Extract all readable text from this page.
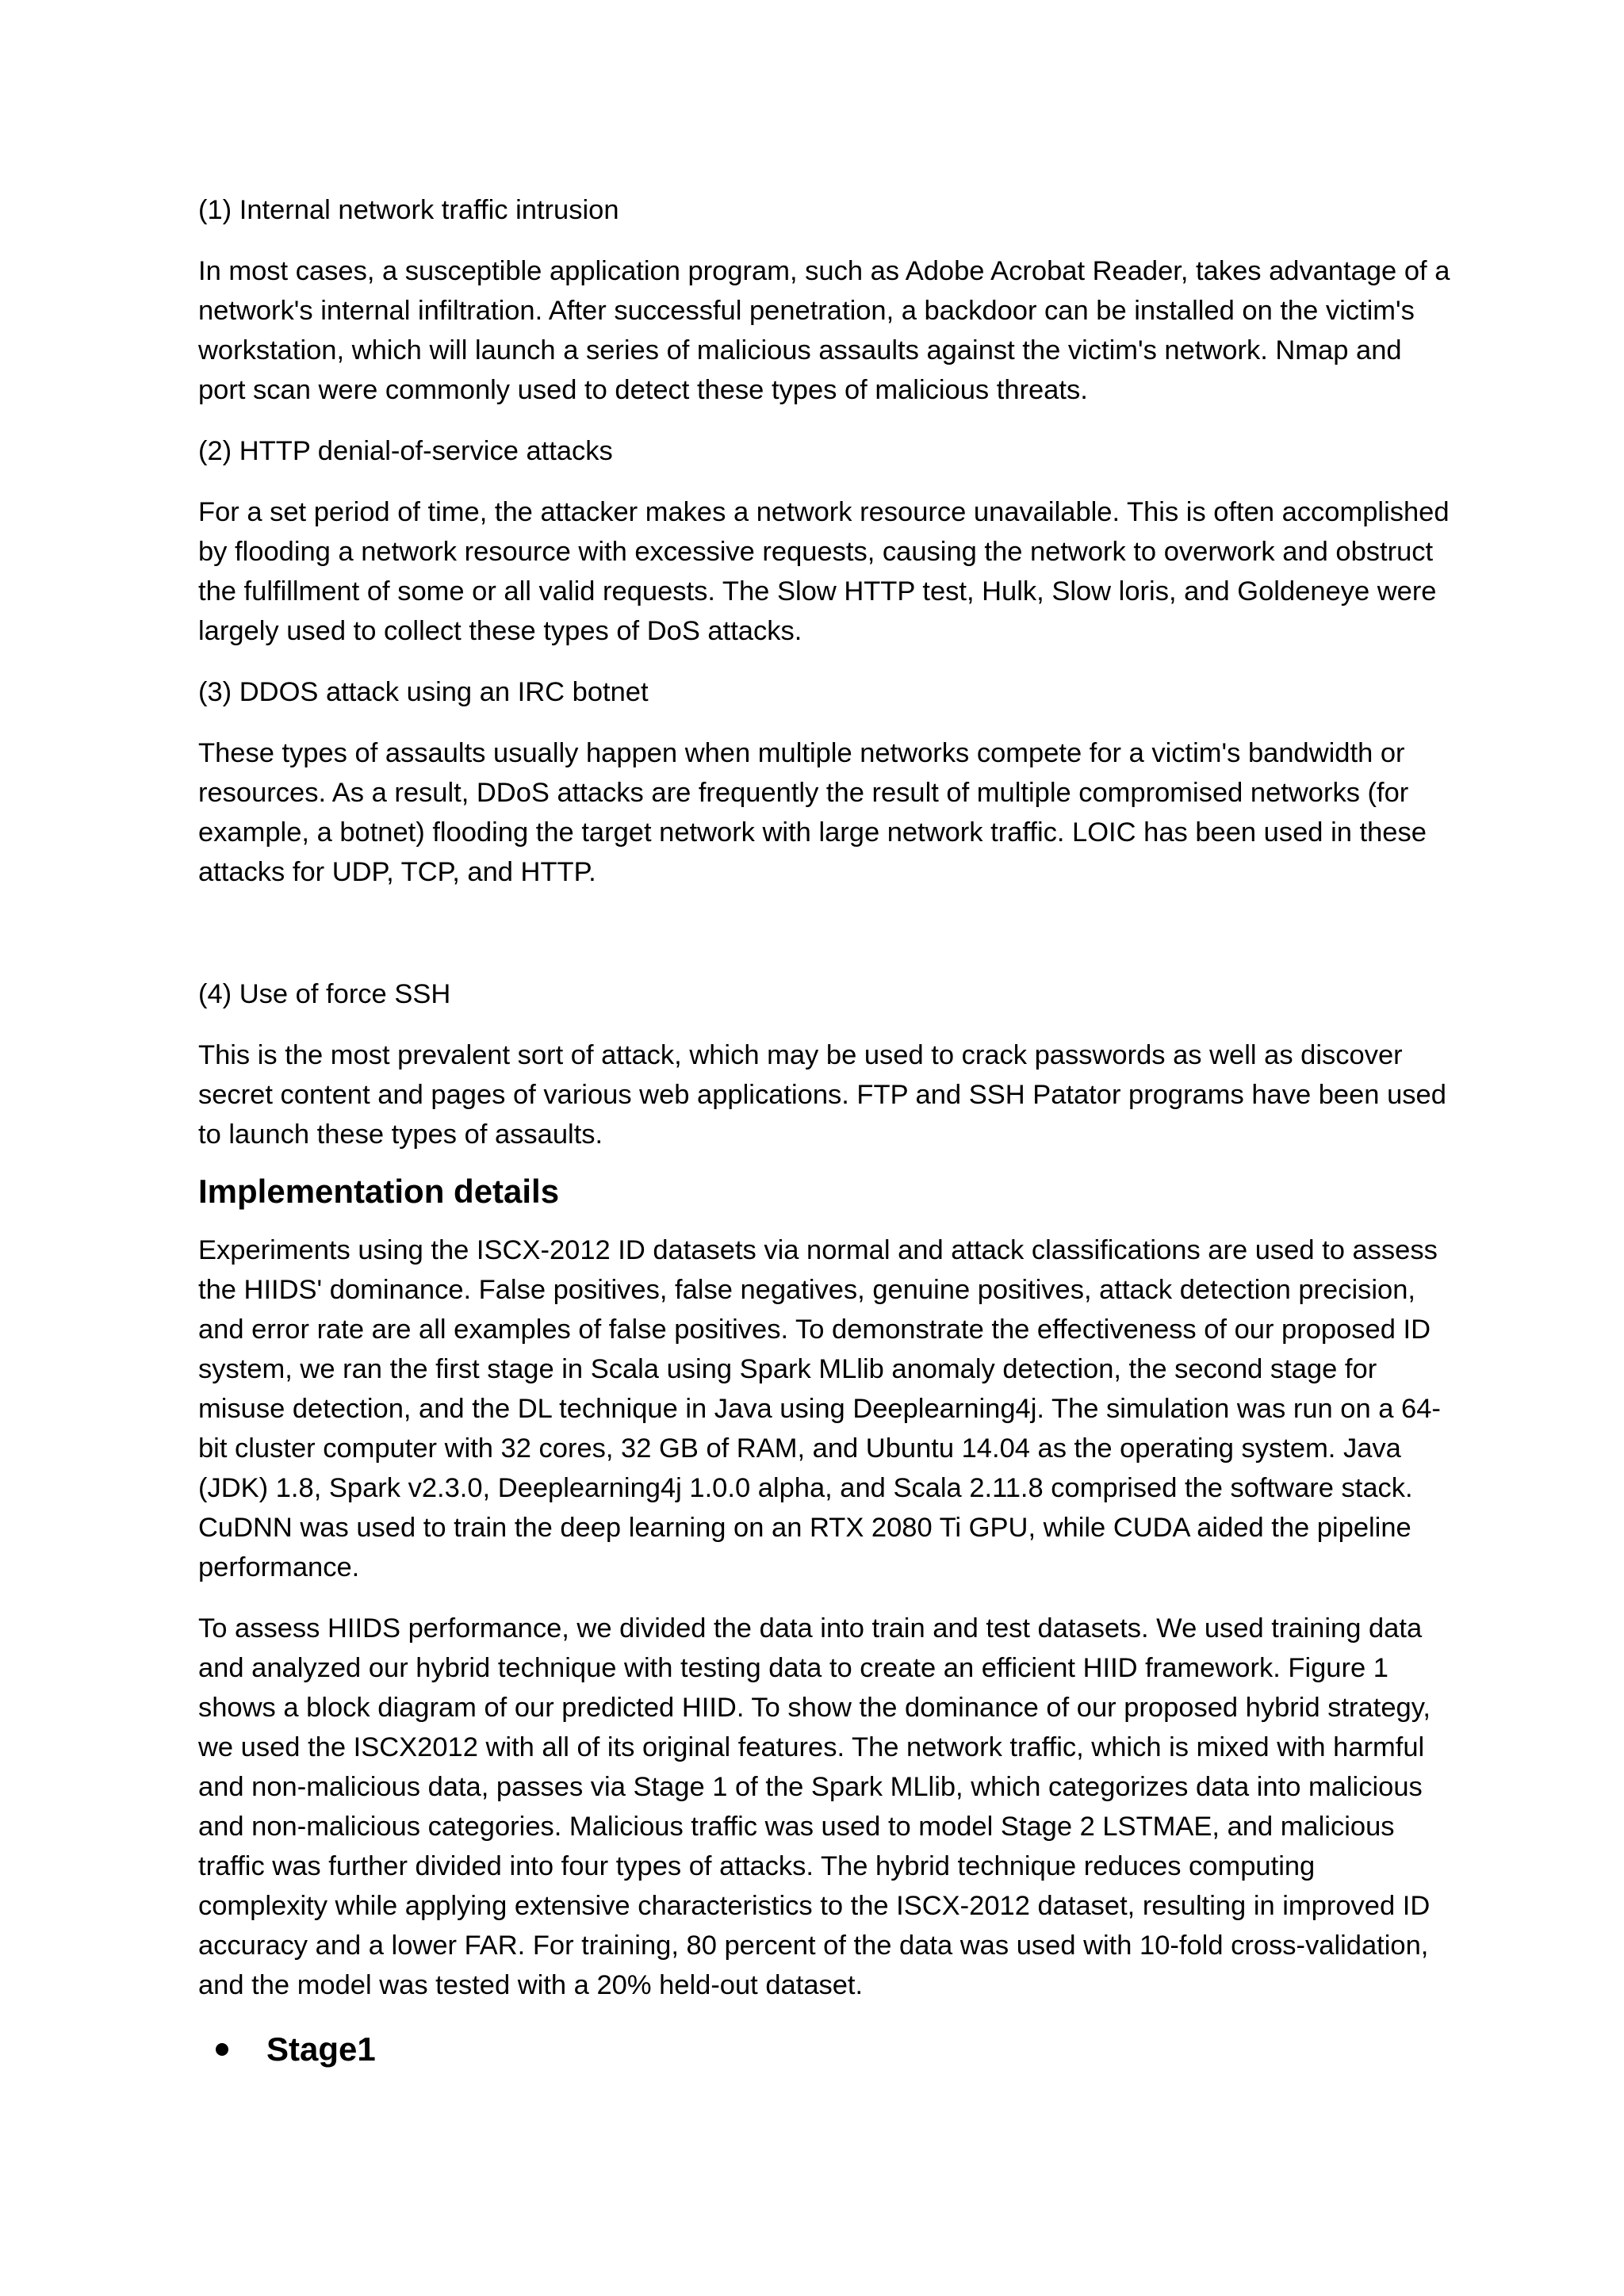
(1) Internal network traffic intrusion

In most cases, a susceptible application program, such as Adobe Acrobat Reader, takes advantage of a network's internal infiltration. After successful penetration, a backdoor can be installed on the victim's workstation, which will launch a series of malicious assaults against the victim's network. Nmap and port scan were commonly used to detect these types of malicious threats.

(2) HTTP denial-of-service attacks

For a set period of time, the attacker makes a network resource unavailable. This is often accomplished by flooding a network resource with excessive requests, causing the network to overwork and obstruct the fulfillment of some or all valid requests. The Slow HTTP test, Hulk, Slow loris, and Goldeneye were largely used to collect these types of DoS attacks.

(3) DDOS attack using an IRC botnet

These types of assaults usually happen when multiple networks compete for a victim's bandwidth or resources. As a result, DDoS attacks are frequently the result of multiple compromised networks (for example, a botnet) flooding the target network with large network traffic. LOIC has been used in these attacks for UDP, TCP, and HTTP.

(4) Use of force SSH

This is the most prevalent sort of attack, which may be used to crack passwords as well as discover secret content and pages of various web applications. FTP and SSH Patator programs have been used to launch these types of assaults.

Implementation details

Experiments using the ISCX-2012 ID datasets via normal and attack classifications are used to assess the HIIDS' dominance. False positives, false negatives, genuine positives, attack detection precision, and error rate are all examples of false positives. To demonstrate the effectiveness of our proposed ID system, we ran the first stage in Scala using Spark MLlib anomaly detection, the second stage for misuse detection, and the DL technique in Java using Deeplearning4j. The simulation was run on a 64-bit cluster computer with 32 cores, 32 GB of RAM, and Ubuntu 14.04 as the operating system. Java (JDK) 1.8, Spark v2.3.0, Deeplearning4j 1.0.0 alpha, and Scala 2.11.8 comprised the software stack. CuDNN was used to train the deep learning on an RTX 2080 Ti GPU, while CUDA aided the pipeline performance.

To assess HIIDS performance, we divided the data into train and test datasets. We used training data and analyzed our hybrid technique with testing data to create an efficient HIID framework. Figure 1 shows a block diagram of our predicted HIID. To show the dominance of our proposed hybrid strategy, we used the ISCX2012 with all of its original features. The network traffic, which is mixed with harmful and non-malicious data, passes via Stage 1 of the Spark MLlib, which categorizes data into malicious and non-malicious categories. Malicious traffic was used to model Stage 2 LSTMAE, and malicious traffic was further divided into four types of attacks. The hybrid technique reduces computing complexity while applying extensive characteristics to the ISCX-2012 dataset, resulting in improved ID accuracy and a lower FAR. For training, 80 percent of the data was used with 10-fold cross-validation, and the model was tested with a 20% held-out dataset.

Stage1
